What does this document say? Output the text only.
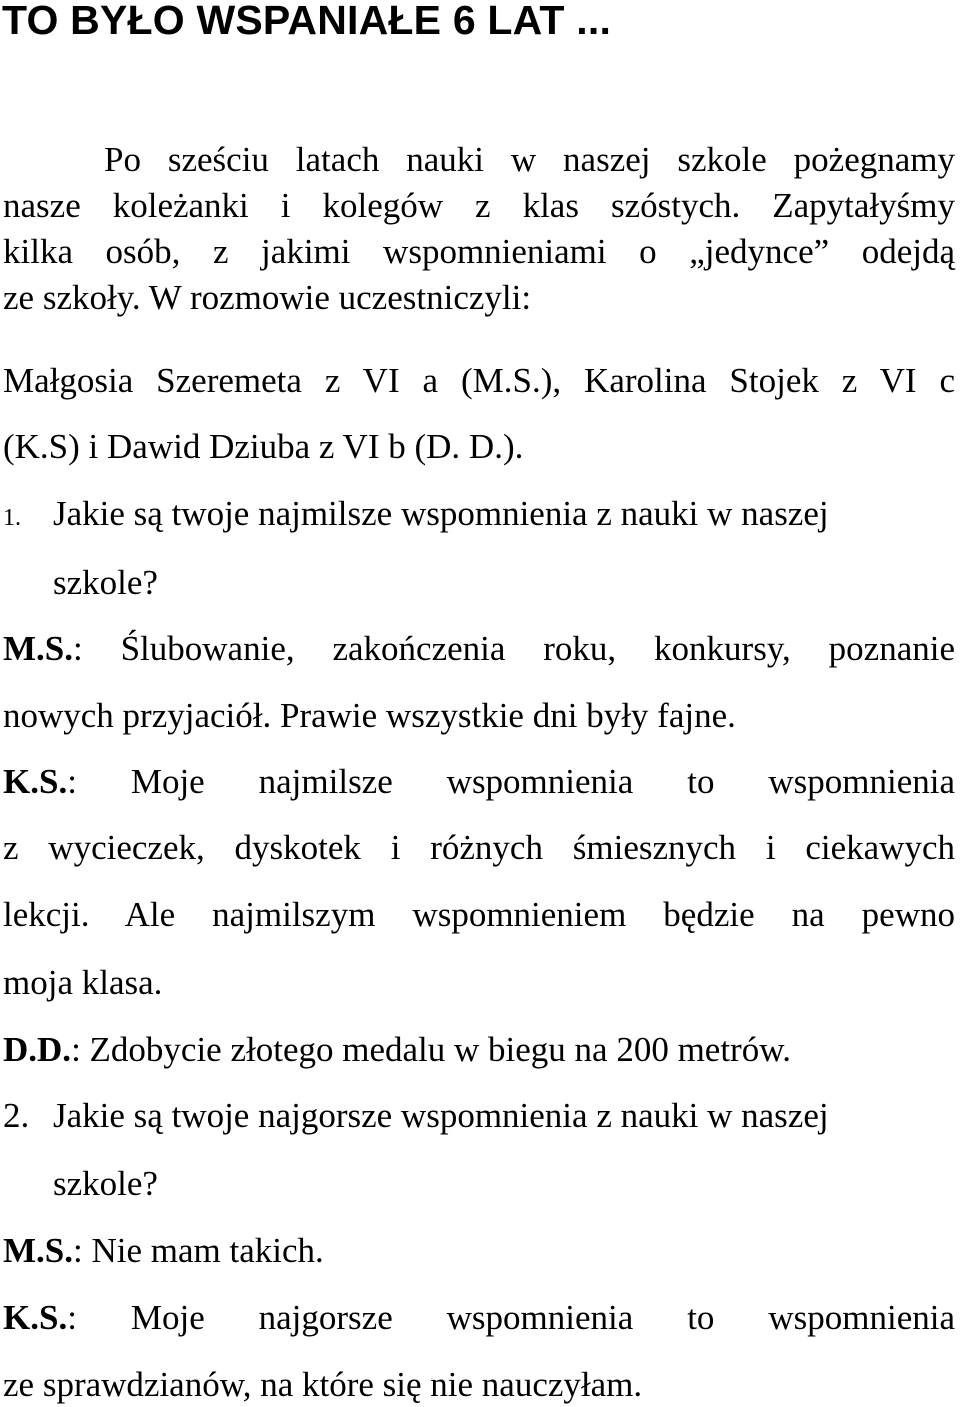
TO BYŁO WSPANIAŁE 6 LAT ...

Po sześciu latach nauki w naszej szkole pożegnamy

nasze koleżanki i kolegów z klas szóstych. Zapytałyśmy

kilka osób, z jakimi wspomnieniami o „jedynce” odejdą

ze szkoły. W rozmowie uczestniczyli:

Małgosia Szeremeta z VI a (M.S.), Karolina Stojek z VI c

(K.S) i Dawid Dziuba z VI b (D. D.).

1. Jakie są twoje najmilsze wspomnienia z nauki w naszej

szkole?

M.S.: Ślubowanie, zakończenia roku, konkursy, poznanie

nowych przyjaciół. Prawie wszystkie dni były fajne.

K.S.: Moje najmilsze wspomnienia to wspomnienia

z wycieczek, dyskotek i różnych śmiesznych i ciekawych

lekcji. Ale najmilszym wspomnieniem będzie na pewno

moja klasa.

D.D.: Zdobycie złotego medalu w biegu na 200 metrów.

2. Jakie są twoje najgorsze wspomnienia z nauki w naszej

szkole?

M.S.: Nie mam takich.

K.S.: Moje najgorsze wspomnienia to wspomnienia

ze sprawdzianów, na które się nie nauczyłam.
